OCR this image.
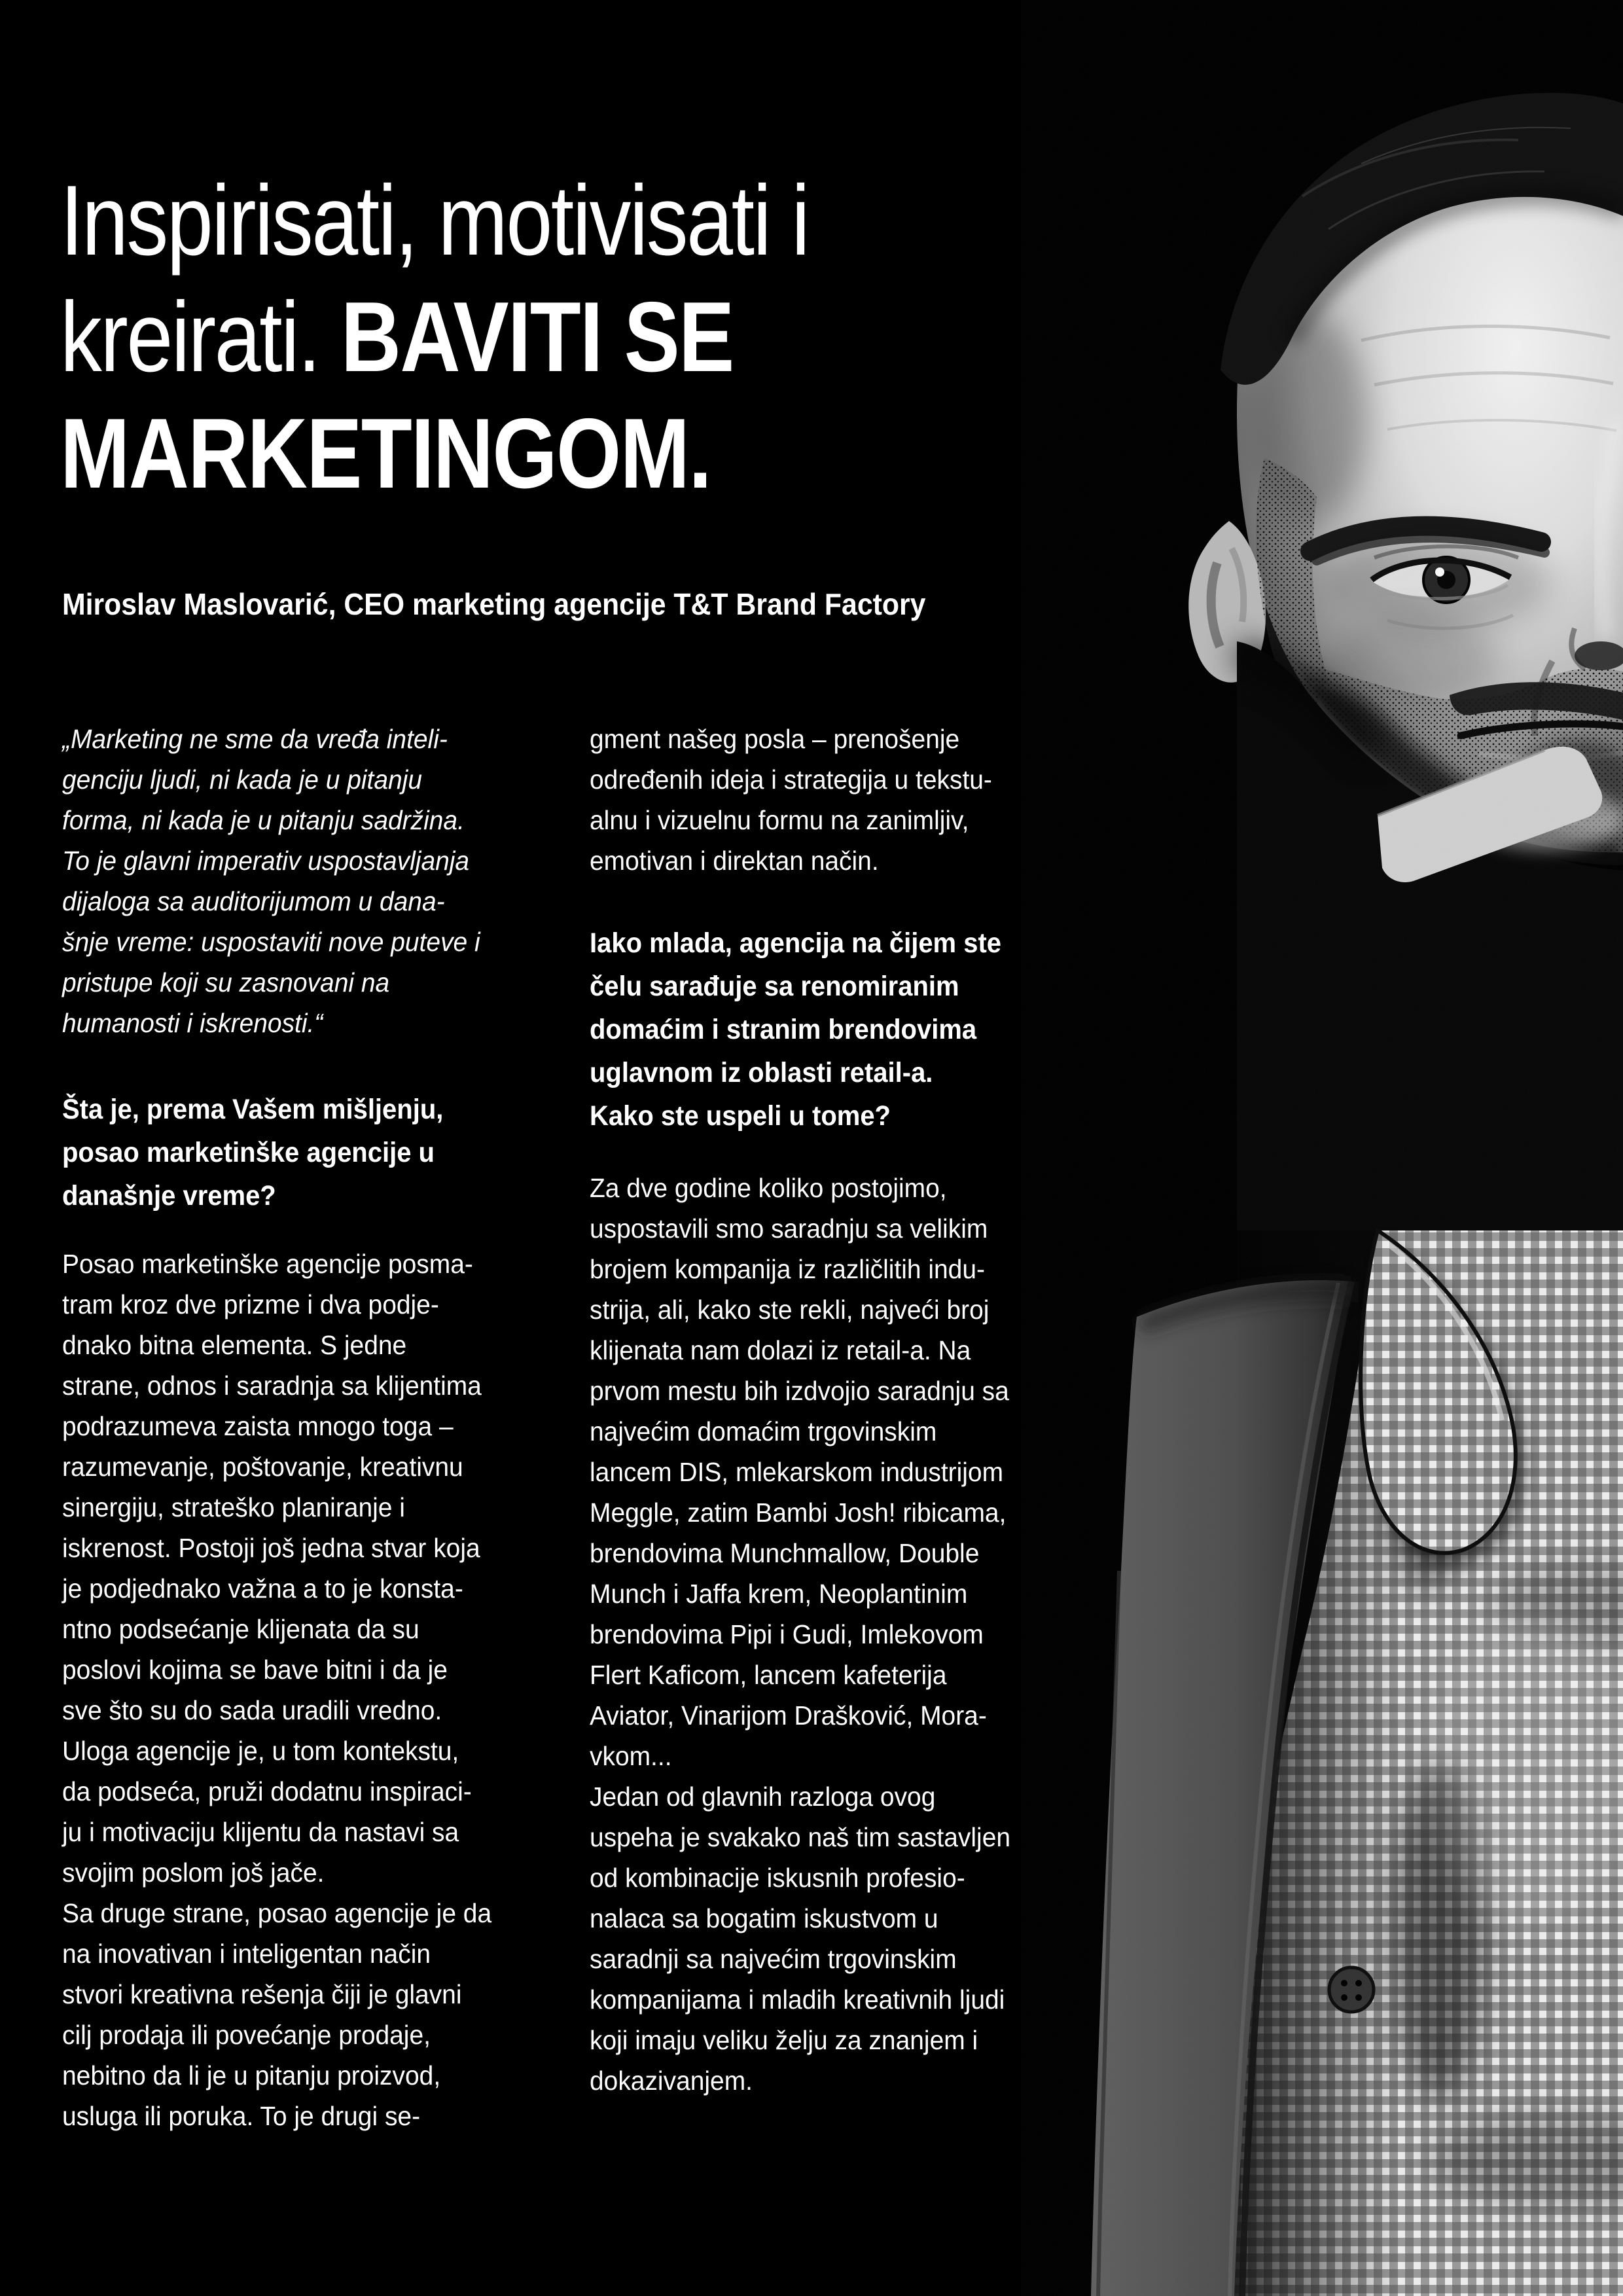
Inspirisati, motivisati i
kreirati. BAVITI SE
MARKETINGOM.
Miroslav Maslovarić, CEO marketing agencije T&T Brand Factory
„Marketing ne sme da vređa inteli-
genciju ljudi, ni kada je u pitanju
forma, ni kada je u pitanju sadržina.
To je glavni imperativ uspostavljanja
dijaloga sa auditorijumom u dana-
šnje vreme: uspostaviti nove puteve i
pristupe koji su zasnovani na
humanosti i iskrenosti.“
Šta je, prema Vašem mišljenju,
posao marketinške agencije u
današnje vreme?
Posao marketinške agencije posma-
tram kroz dve prizme i dva podje-
dnako bitna elementa. S jedne
strane, odnos i saradnja sa klijentima
podrazumeva zaista mnogo toga –
razumevanje, poštovanje, kreativnu
sinergiju, strateško planiranje i
iskrenost. Postoji još jedna stvar koja
je podjednako važna a to je konsta-
ntno podsećanje klijenata da su
poslovi kojima se bave bitni i da je
sve što su do sada uradili vredno.
Uloga agencije je, u tom kontekstu,
da podseća, pruži dodatnu inspiraci-
ju i motivaciju klijentu da nastavi sa
svojim poslom još jače.
Sa druge strane, posao agencije je da
na inovativan i inteligentan način
stvori kreativna rešenja čiji je glavni
cilj prodaja ili povećanje prodaje,
nebitno da li je u pitanju proizvod,
usluga ili poruka. To je drugi se-
gment našeg posla – prenošenje
određenih ideja i strategija u tekstu-
alnu i vizuelnu formu na zanimljiv,
emotivan i direktan način.
Iako mlada, agencija na čijem ste
čelu sarađuje sa renomiranim
domaćim i stranim brendovima
uglavnom iz oblasti retail-a.
Kako ste uspeli u tome?
Za dve godine koliko postojimo,
uspostavili smo saradnju sa velikim
brojem kompanija iz različlitih indu-
strija, ali, kako ste rekli, najveći broj
klijenata nam dolazi iz retail-a. Na
prvom mestu bih izdvojio saradnju sa
najvećim domaćim trgovinskim
lancem DIS, mlekarskom industrijom
Meggle, zatim Bambi Josh! ribicama,
brendovima Munchmallow, Double
Munch i Jaffa krem, Neoplantinim
brendovima Pipi i Gudi, Imlekovom
Flert Kaficom, lancem kafeterija
Aviator, Vinarijom Drašković, Mora-
vkom...
Jedan od glavnih razloga ovog
uspeha je svakako naš tim sastavljen
od kombinacije iskusnih profesio-
nalaca sa bogatim iskustvom u
saradnji sa najvećim trgovinskim
kompanijama i mladih kreativnih ljudi
koji imaju veliku želju za znanjem i
dokazivanjem.
